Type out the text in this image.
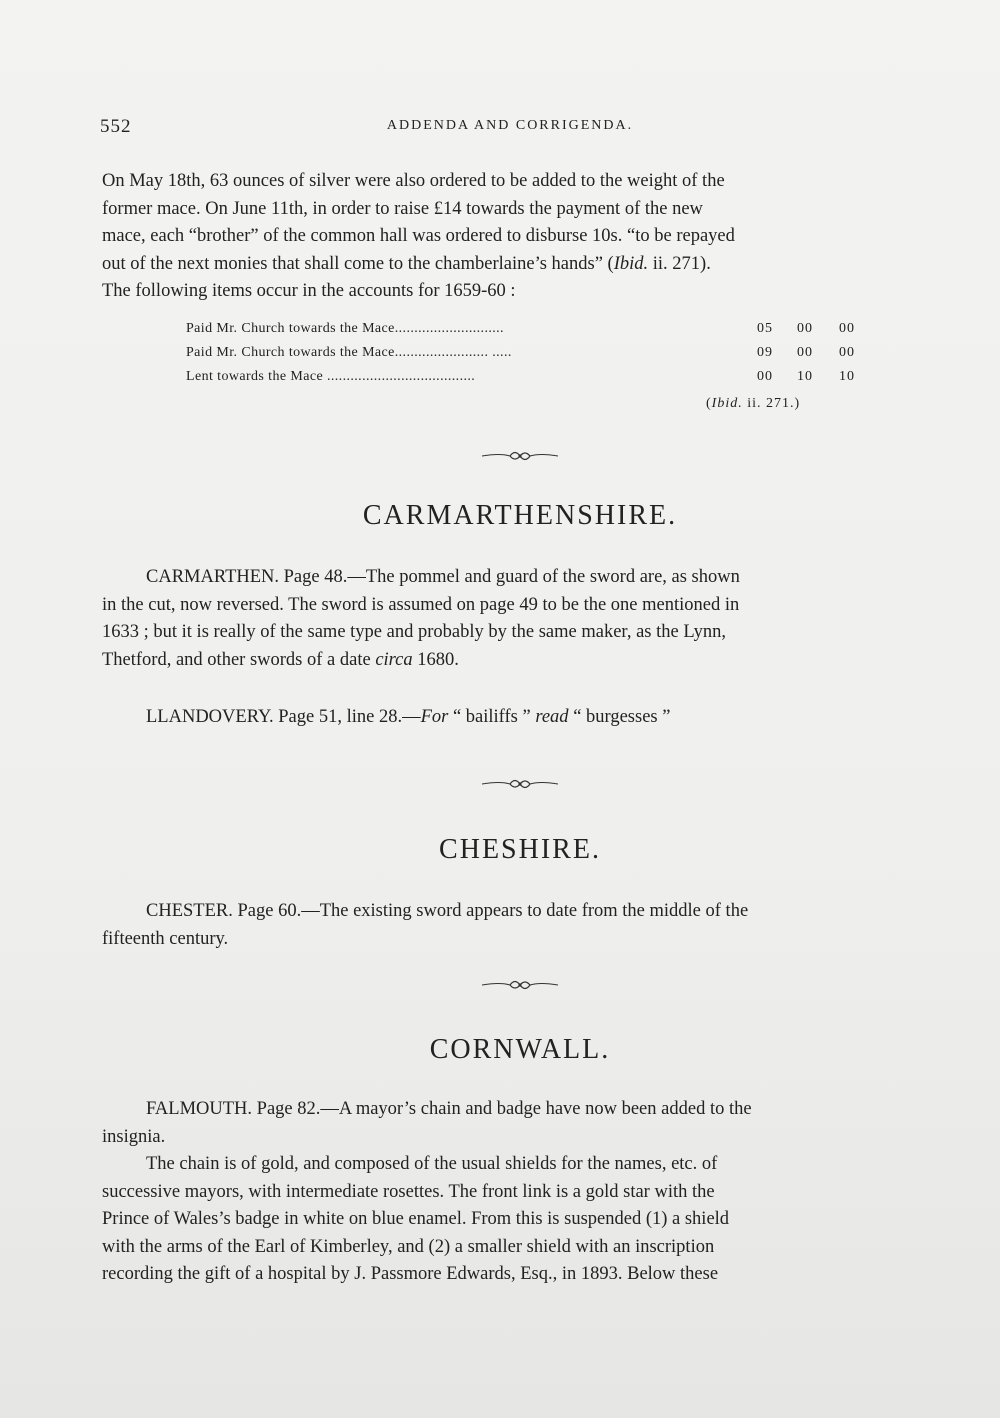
552	ADDENDA AND CORRIGENDA.
On May 18th, 63 ounces of silver were also ordered to be added to the weight of the
former mace. On June 11th, in order to raise £14 towards the payment of the new
mace, each “brother” of the common hall was ordered to disburse 10s. “to be repayed
out of the next monies that shall come to the chamberlaine’s hands” (Ibid. ii. 271).
The following items occur in the accounts for 1659-60 :
Paid Mr. Church towards the Mace............................	05	00	00
Paid Mr. Church towards the Mace........................ .....	09	00	00
Lent towards the Mace ......................................	00	10	10
(Ibid. ii. 271.)
CARMARTHENSHIRE.
CARMARTHEN. Page 48.—The pommel and guard of the sword are, as shown
in the cut, now reversed. The sword is assumed on page 49 to be the one mentioned in
1633 ; but it is really of the same type and probably by the same maker, as the Lynn,
Thetford, and other swords of a date circa 1680.
LLANDOVERY. Page 51, line 28.—For “ bailiffs ” read “ burgesses ”
CHESHIRE.
CHESTER. Page 60.—The existing sword appears to date from the middle of the
fifteenth century.
CORNWALL.
FALMOUTH. Page 82.—A mayor’s chain and badge have now been added to the
insignia.
The chain is of gold, and composed of the usual shields for the names, etc. of
successive mayors, with intermediate rosettes. The front link is a gold star with the
Prince of Wales’s badge in white on blue enamel. From this is suspended (1) a shield
with the arms of the Earl of Kimberley, and (2) a smaller shield with an inscription
recording the gift of a hospital by J. Passmore Edwards, Esq., in 1893. Below these
